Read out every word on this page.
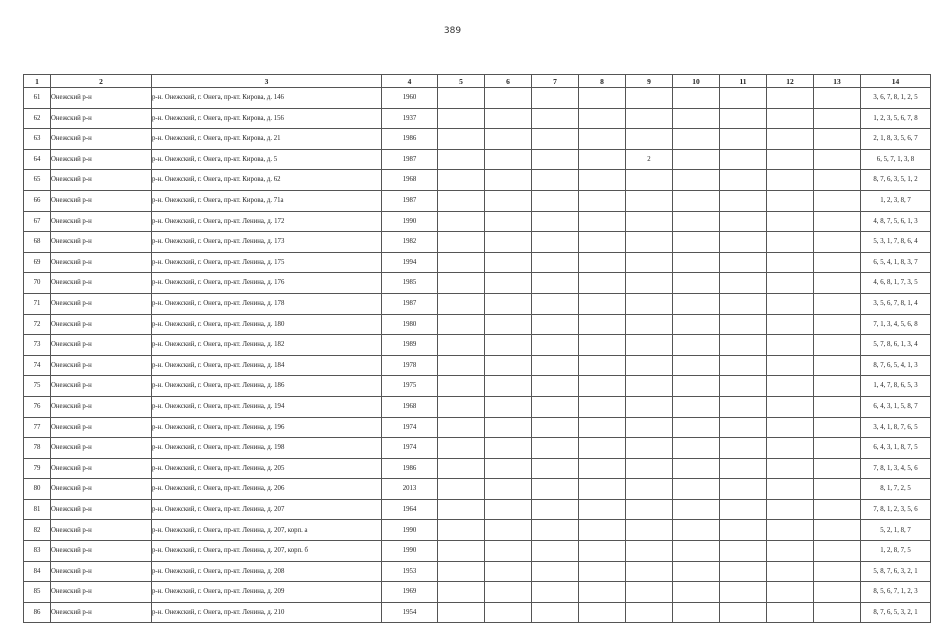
389
1	2	3	4	5	6	7	8	9	10	11	12	13	14
61	Онежский р-н	р-н. Онежский, г. Онега, пр-кт. Кирова, д. 146	1960										3, 6, 7, 8, 1, 2, 5
62	Онежский р-н	р-н. Онежский, г. Онега, пр-кт. Кирова, д. 156	1937										1, 2, 3, 5, 6, 7, 8
63	Онежский р-н	р-н. Онежский, г. Онега, пр-кт. Кирова, д. 21	1986										2, 1, 8, 3, 5, 6, 7
64	Онежский р-н	р-н. Онежский, г. Онега, пр-кт. Кирова, д. 5	1987					2					6, 5, 7, 1, 3, 8
65	Онежский р-н	р-н. Онежский, г. Онега, пр-кт. Кирова, д. 62	1968										8, 7, 6, 3, 5, 1, 2
66	Онежский р-н	р-н. Онежский, г. Онега, пр-кт. Кирова, д. 71а	1987										1, 2, 3, 8, 7
67	Онежский р-н	р-н. Онежский, г. Онега, пр-кт. Ленина, д. 172	1990										4, 8, 7, 5, 6, 1, 3
68	Онежский р-н	р-н. Онежский, г. Онега, пр-кт. Ленина, д. 173	1982										5, 3, 1, 7, 8, 6, 4
69	Онежский р-н	р-н. Онежский, г. Онега, пр-кт. Ленина, д. 175	1994										6, 5, 4, 1, 8, 3, 7
70	Онежский р-н	р-н. Онежский, г. Онега, пр-кт. Ленина, д. 176	1985										4, 6, 8, 1, 7, 3, 5
71	Онежский р-н	р-н. Онежский, г. Онега, пр-кт. Ленина, д. 178	1987										3, 5, 6, 7, 8, 1, 4
72	Онежский р-н	р-н. Онежский, г. Онега, пр-кт. Ленина, д. 180	1980										7, 1, 3, 4, 5, 6, 8
73	Онежский р-н	р-н. Онежский, г. Онега, пр-кт. Ленина, д. 182	1989										5, 7, 8, 6, 1, 3, 4
74	Онежский р-н	р-н. Онежский, г. Онега, пр-кт. Ленина, д. 184	1978										8, 7, 6, 5, 4, 1, 3
75	Онежский р-н	р-н. Онежский, г. Онега, пр-кт. Ленина, д. 186	1975										1, 4, 7, 8, 6, 5, 3
76	Онежский р-н	р-н. Онежский, г. Онега, пр-кт. Ленина, д. 194	1968										6, 4, 3, 1, 5, 8, 7
77	Онежский р-н	р-н. Онежский, г. Онега, пр-кт. Ленина, д. 196	1974										3, 4, 1, 8, 7, 6, 5
78	Онежский р-н	р-н. Онежский, г. Онега, пр-кт. Ленина, д. 198	1974										6, 4, 3, 1, 8, 7, 5
79	Онежский р-н	р-н. Онежский, г. Онега, пр-кт. Ленина, д. 205	1986										7, 8, 1, 3, 4, 5, 6
80	Онежский р-н	р-н. Онежский, г. Онега, пр-кт. Ленина, д. 206	2013										8, 1, 7, 2, 5
81	Онежский р-н	р-н. Онежский, г. Онега, пр-кт. Ленина, д. 207	1964										7, 8, 1, 2, 3, 5, 6
82	Онежский р-н	р-н. Онежский, г. Онега, пр-кт. Ленина, д. 207, корп. а	1990										5, 2, 1, 8, 7
83	Онежский р-н	р-н. Онежский, г. Онега, пр-кт. Ленина, д. 207, корп. б	1990										1, 2, 8, 7, 5
84	Онежский р-н	р-н. Онежский, г. Онега, пр-кт. Ленина, д. 208	1953										5, 8, 7, 6, 3, 2, 1
85	Онежский р-н	р-н. Онежский, г. Онега, пр-кт. Ленина, д. 209	1969										8, 5, 6, 7, 1, 2, 3
86	Онежский р-н	р-н. Онежский, г. Онега, пр-кт. Ленина, д. 210	1954										8, 7, 6, 5, 3, 2, 1
